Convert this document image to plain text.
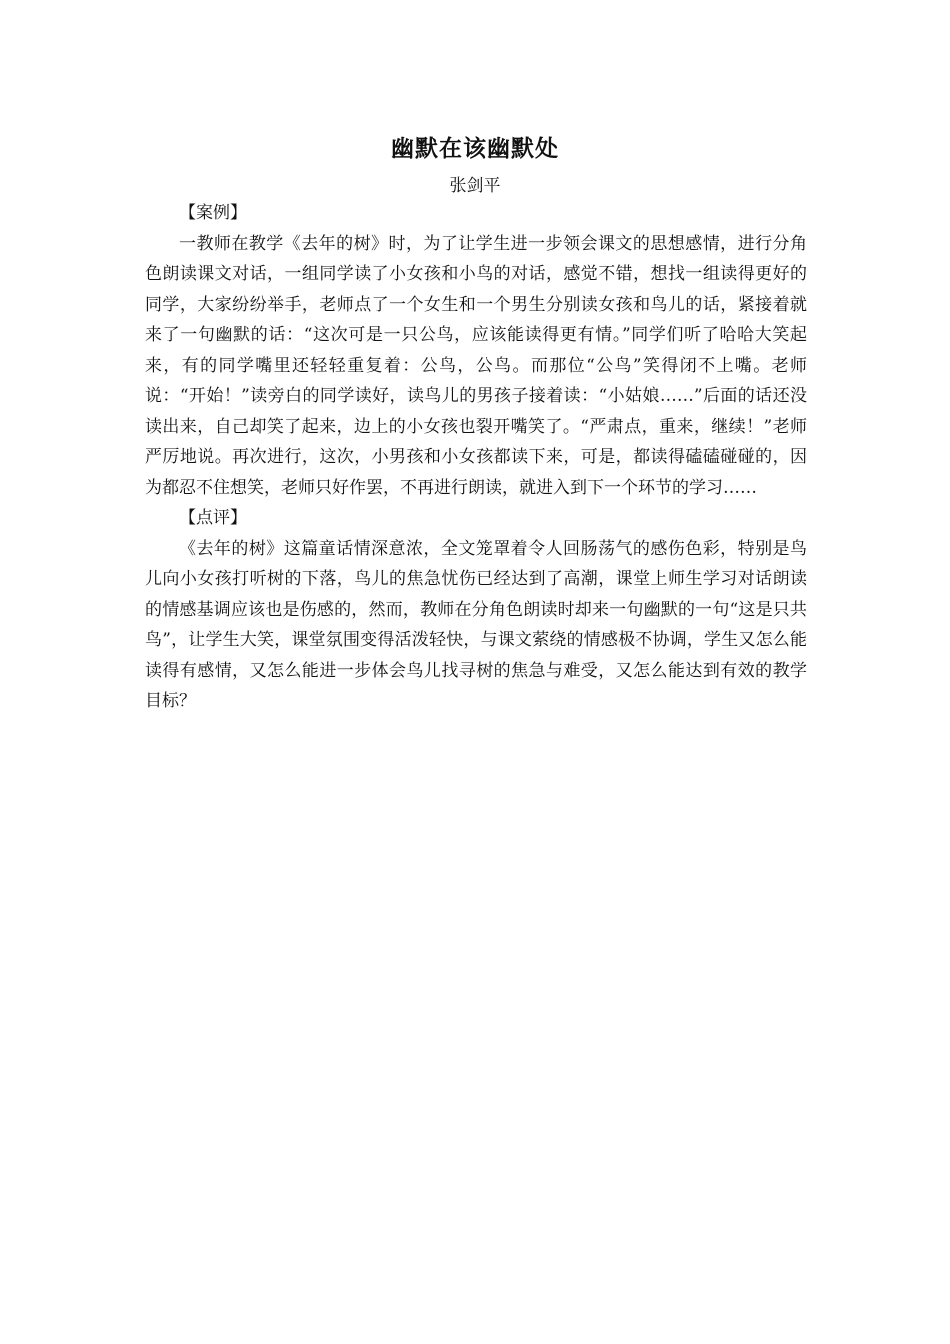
幽默在该幽默处
张剑平

【案例】

一教师在教学《去年的树》时，为了让学生进一步领会课文的思想感情，进行分角色朗读课文对话，一组同学读了小女孩和小鸟的对话，感觉不错，想找一组读得更好的同学，大家纷纷举手，老师点了一个女生和一个男生分别读女孩和鸟儿的话，紧接着就来了一句幽默的话：“这次可是一只公鸟，应该能读得更有情。”同学们听了哈哈大笑起来，有的同学嘴里还轻轻重复着：公鸟，公鸟。而那位“公鸟”笑得闭不上嘴。老师说：“开始！”读旁白的同学读好，读鸟儿的男孩子接着读：“小姑娘……”后面的话还没读出来，自己却笑了起来，边上的小女孩也裂开嘴笑了。“严肃点，重来，继续！”老师严厉地说。再次进行，这次，小男孩和小女孩都读下来，可是，都读得磕磕碰碰的，因为都忍不住想笑，老师只好作罢，不再进行朗读，就进入到下一个环节的学习……

【点评】

《去年的树》这篇童话情深意浓，全文笼罩着令人回肠荡气的感伤色彩，特别是鸟儿向小女孩打听树的下落，鸟儿的焦急忧伤已经达到了高潮，课堂上师生学习对话朗读的情感基调应该也是伤感的，然而，教师在分角色朗读时却来一句幽默的一句“这是只共鸟”，让学生大笑，课堂氛围变得活泼轻快，与课文萦绕的情感极不协调，学生又怎么能读得有感情，又怎么能进一步体会鸟儿找寻树的焦急与难受，又怎么能达到有效的教学目标？
